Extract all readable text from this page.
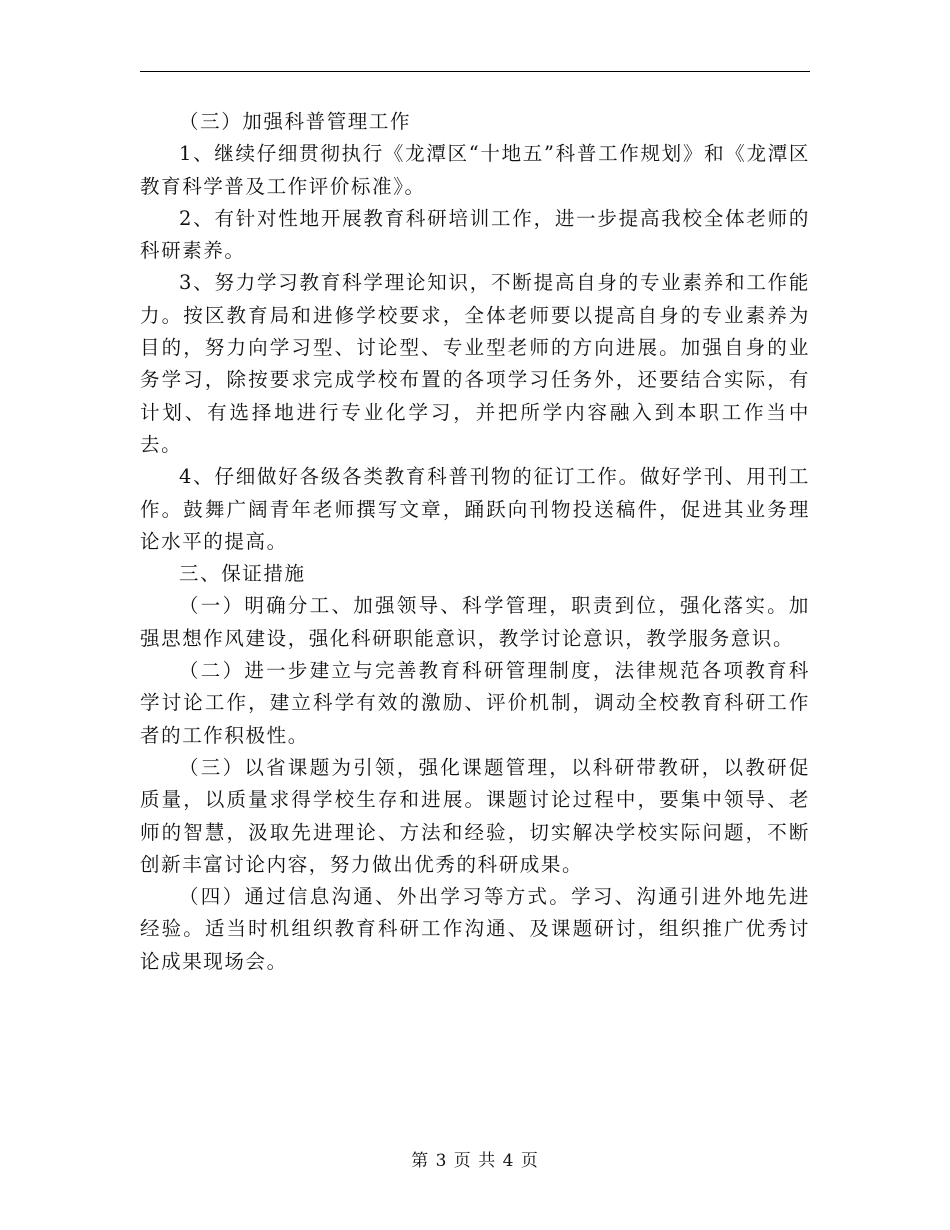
（三）加强科普管理工作

1、继续仔细贯彻执行《龙潭区“十地五”科普工作规划》和《龙潭区教育科学普及工作评价标准》。

2、有针对性地开展教育科研培训工作，进一步提高我校全体老师的科研素养。

3、努力学习教育科学理论知识，不断提高自身的专业素养和工作能力。按区教育局和进修学校要求，全体老师要以提高自身的专业素养为目的，努力向学习型、讨论型、专业型老师的方向进展。加强自身的业务学习，除按要求完成学校布置的各项学习任务外，还要结合实际，有计划、有选择地进行专业化学习，并把所学内容融入到本职工作当中去。

4、仔细做好各级各类教育科普刊物的征订工作。做好学刊、用刊工作。鼓舞广阔青年老师撰写文章，踊跃向刊物投送稿件，促进其业务理论水平的提高。

三、保证措施

（一）明确分工、加强领导、科学管理，职责到位，强化落实。加强思想作风建设，强化科研职能意识，教学讨论意识，教学服务意识。

（二）进一步建立与完善教育科研管理制度，法律规范各项教育科学讨论工作，建立科学有效的激励、评价机制，调动全校教育科研工作者的工作积极性。

（三）以省课题为引领，强化课题管理，以科研带教研，以教研促质量，以质量求得学校生存和进展。课题讨论过程中，要集中领导、老师的智慧，汲取先进理论、方法和经验，切实解决学校实际问题，不断创新丰富讨论内容，努力做出优秀的科研成果。

（四）通过信息沟通、外出学习等方式。学习、沟通引进外地先进经验。适当时机组织教育科研工作沟通、及课题研讨，组织推广优秀讨论成果现场会。

第 3 页 共 4 页
